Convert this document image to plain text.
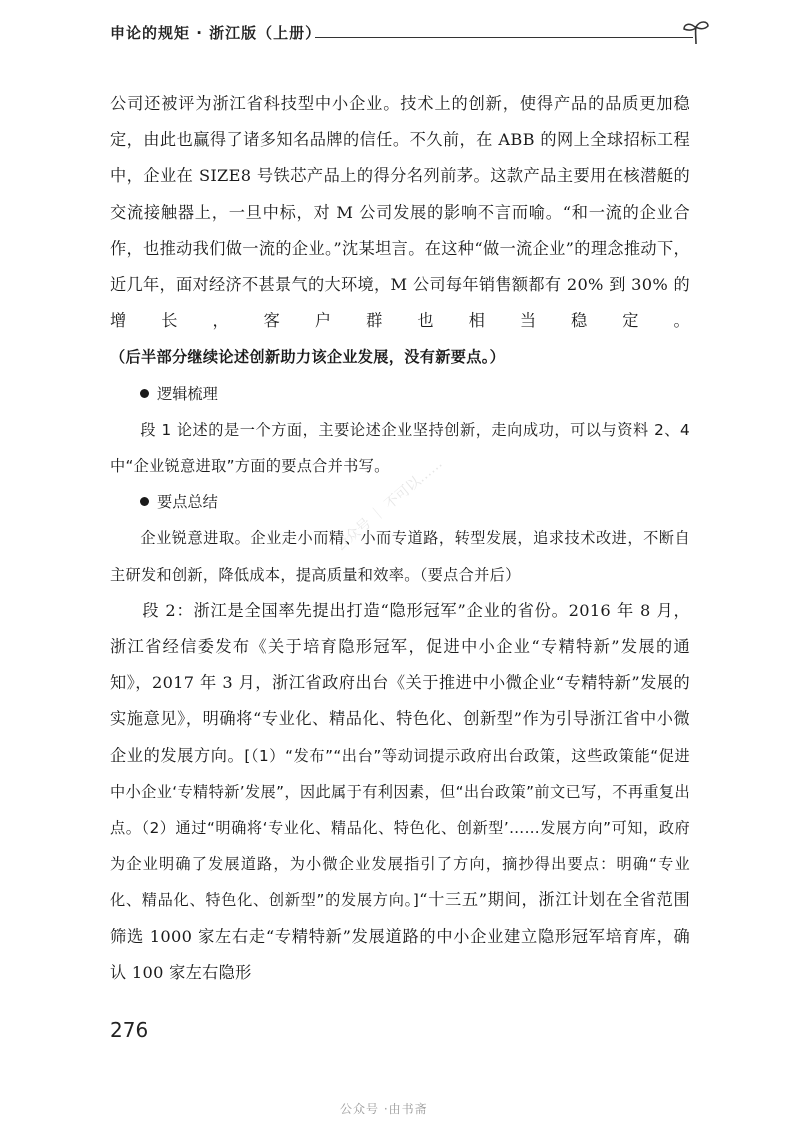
申论的规矩 · 浙江版（上册）

公司还被评为浙江省科技型中小企业。技术上的创新，使得产品的品质更加稳定，由此也赢得了诸多知名品牌的信任。不久前，在 ABB 的网上全球招标工程中，企业在 SIZE8 号铁芯产品上的得分名列前茅。这款产品主要用在核潜艇的交流接触器上，一旦中标，对 M 公司发展的影响不言而喻。“和一流的企业合作，也推动我们做一流的企业。”沈某坦言。在这种“做一流企业”的理念推动下，近几年，面对经济不甚景气的大环境，M 公司每年销售额都有 20% 到 30% 的增长，客户群也相当稳定。（后半部分继续论述创新助力该企业发展，没有新要点。）

逻辑梳理

段 1 论述的是一个方面，主要论述企业坚持创新，走向成功，可以与资料 2、4 中“企业锐意进取”方面的要点合并书写。

要点总结

企业锐意进取。企业走小而精、小而专道路，转型发展，追求技术改进，不断自主研发和创新，降低成本，提高质量和效率。（要点合并后）

段 2：浙江是全国率先提出打造“隐形冠军”企业的省份。2016 年 8 月，浙江省经信委发布《关于培育隐形冠军，促进中小企业“专精特新”发展的通知》，2017 年 3 月，浙江省政府出台《关于推进中小微企业“专精特新”发展的实施意见》，明确将“专业化、精品化、特色化、创新型”作为引导浙江省中小微企业的发展方向。[（1）“发布”“出台”等动词提示政府出台政策，这些政策能“促进中小企业‘专精特新’发展”，因此属于有利因素，但“出台政策”前文已写，不再重复出点。（2）通过“明确将‘专业化、精品化、特色化、创新型’……发展方向”可知，政府为企业明确了发展道路，为小微企业发展指引了方向，摘抄得出要点：明确“专业化、精品化、特色化、创新型”的发展方向。]“十三五”期间，浙江计划在全省范围筛选 1000 家左右走“专精特新”发展道路的中小企业建立隐形冠军培育库，确认 100 家左右隐形

公众号 ｜ 不可以……
276
公众号 ·由书斋
